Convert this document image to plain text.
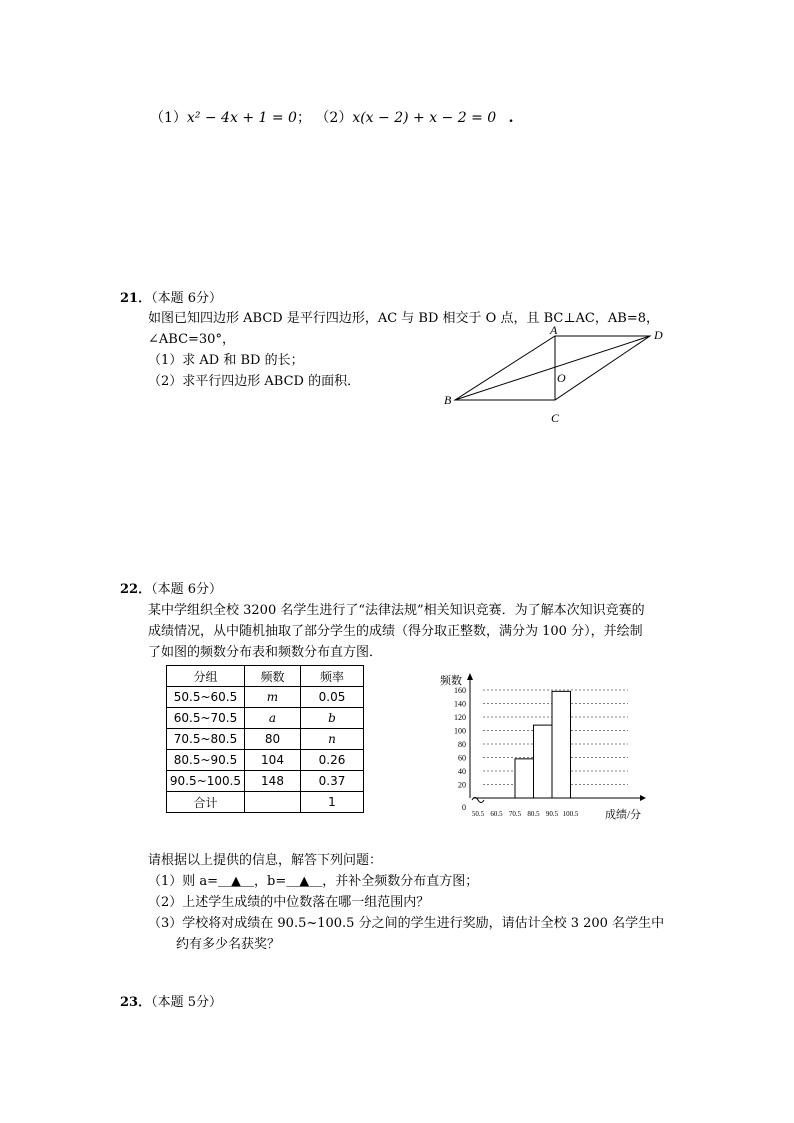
（1）x² − 4x + 1 = 0； （2）x(x − 2) + x − 2 = 0 .
21．（本题 6分）
如图已知四边形 ABCD 是平行四边形，AC 与 BD 相交于 O 点，且 BC⊥AC，AB=8，
∠ABC=30°，
（1）求 AD 和 BD 的长；
（2）求平行四边形 ABCD 的面积．
A
B
C
D
O
22．（本题 6分）
某中学组织全校 3200 名学生进行了“法律法规”相关知识竞赛．为了解本次知识竞赛的
成绩情况，从中随机抽取了部分学生的成绩（得分取正整数，满分为 100 分），并绘制
了如图的频数分布表和频数分布直方图．
分组	频数	频率
50.5~60.5	m	0.05
60.5~70.5	a	b
70.5~80.5	80	n
80.5~90.5	104	0.26
90.5~100.5	148	0.37
合计		1
频数
成绩/分
0
20
40
60
80
100
120
140
160
50.5 60.5 70.5 80.5 90.5 100.5
请根据以上提供的信息，解答下列问题：
（1）则 a=＿▲＿，b=＿▲＿，并补全频数分布直方图；
（2）上述学生成绩的中位数落在哪一组范围内？
（3）学校将对成绩在 90.5~100.5 分之间的学生进行奖励，请估计全校 3 200 名学生中
约有多少名获奖？
23．（本题 5分）
